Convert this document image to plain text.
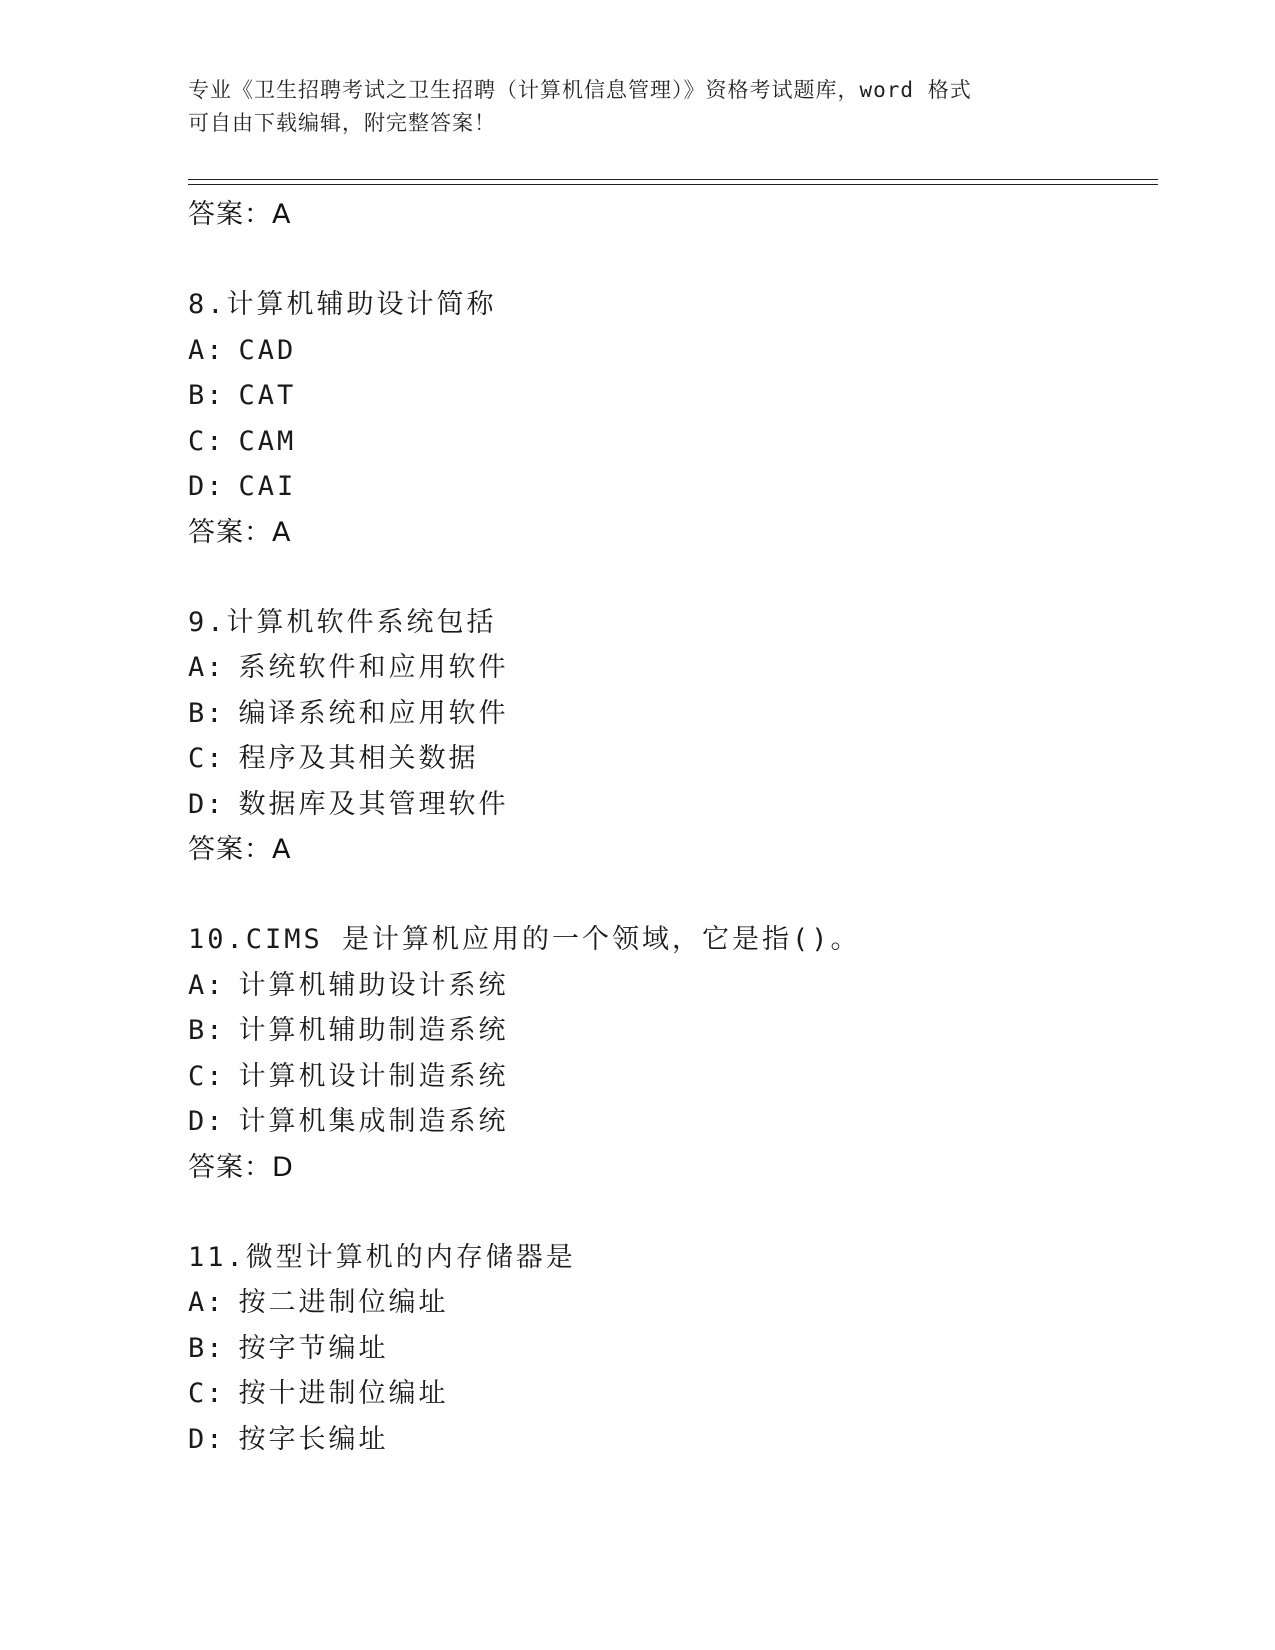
专业《卫生招聘考试之卫生招聘（计算机信息管理）》资格考试题库，word 格式
可自由下载编辑，附完整答案！
答案：A
8.计算机辅助设计简称
A: CAD
B: CAT
C: CAM
D: CAI
答案：A
9.计算机软件系统包括
A: 系统软件和应用软件
B: 编译系统和应用软件
C: 程序及其相关数据
D: 数据库及其管理软件
答案：A
10.CIMS 是计算机应用的一个领域，它是指()。
A: 计算机辅助设计系统
B: 计算机辅助制造系统
C: 计算机设计制造系统
D: 计算机集成制造系统
答案：D
11.微型计算机的内存储器是
A: 按二进制位编址
B: 按字节编址
C: 按十进制位编址
D: 按字长编址
